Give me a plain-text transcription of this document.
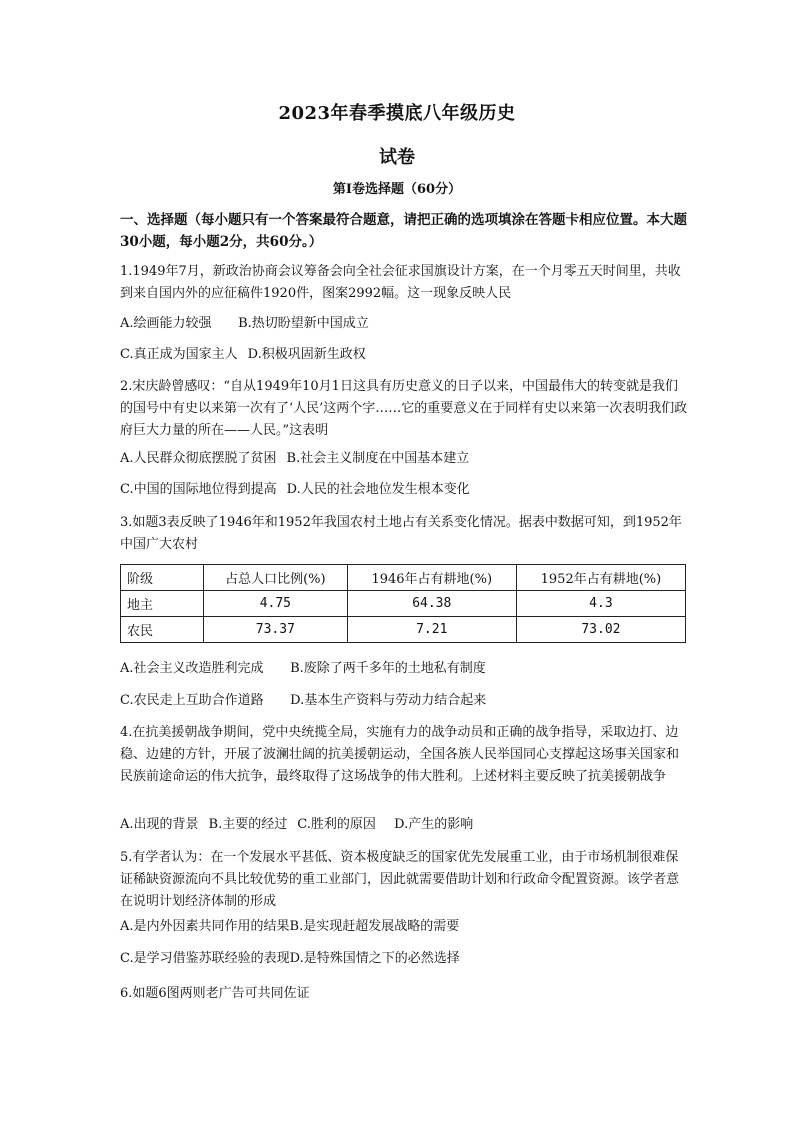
2023年春季摸底八年级历史
试卷
第Ⅰ卷选择题（60分）
一、选择题（每小题只有一个答案最符合题意，请把正确的选项填涂在答题卡相应位置。本大题30小题，每小题2分，共60分。）
1.1949年7月，新政治协商会议筹备会向全社会征求国旗设计方案，在一个月零五天时间里，共收到来自国内外的应征稿件1920件，图案2992幅。这一现象反映人民
A.绘画能力较强 B.热切盼望新中国成立
C.真正成为国家主人 D.积极巩固新生政权
2.宋庆龄曾感叹：“自从1949年10月1日这具有历史意义的日子以来，中国最伟大的转变就是我们的国号中有史以来第一次有了‘人民’这两个字……它的重要意义在于同样有史以来第一次表明我们政府巨大力量的所在——人民。”这表明
A.人民群众彻底摆脱了贫困 B.社会主义制度在中国基本建立
C.中国的国际地位得到提高 D.人民的社会地位发生根本变化
3.如题3表反映了1946年和1952年我国农村土地占有关系变化情况。据表中数据可知，到1952年中国广大农村
阶级	占总人口比例(%)	1946年占有耕地(%)	1952年占有耕地(%)
地主	4.75	64.38	4.3
农民	73.37	7.21	73.02
A.社会主义改造胜利完成 B.废除了两千多年的土地私有制度
C.农民走上互助合作道路 D.基本生产资料与劳动力结合起来
4.在抗美援朝战争期间，党中央统揽全局，实施有力的战争动员和正确的战争指导，采取边打、边稳、边建的方针，开展了波澜壮阔的抗美援朝运动，全国各族人民举国同心支撑起这场事关国家和民族前途命运的伟大抗争，最终取得了这场战争的伟大胜利。上述材料主要反映了抗美援朝战争
A.出现的背景 B.主要的经过 C.胜利的原因 D.产生的影响
5.有学者认为：在一个发展水平甚低、资本极度缺乏的国家优先发展重工业，由于市场机制很难保证稀缺资源流向不具比较优势的重工业部门，因此就需要借助计划和行政命令配置资源。该学者意在说明计划经济体制的形成
A.是内外因素共同作用的结果B.是实现赶超发展战略的需要
C.是学习借鉴苏联经验的表现D.是特殊国情之下的必然选择
6.如题6图两则老广告可共同佐证
